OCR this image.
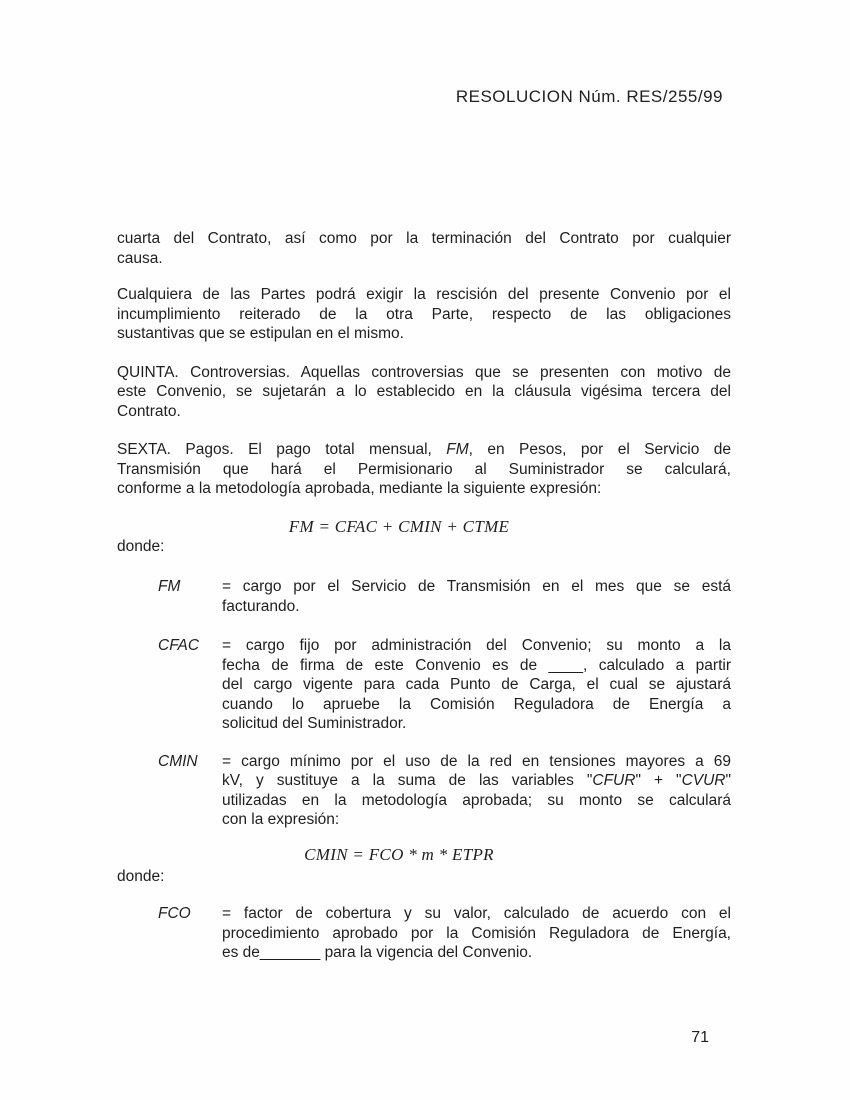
RESOLUCION Núm. RES/255/99
cuarta del Contrato, así como por la terminación del Contrato por cualquier
causa.
Cualquiera de las Partes podrá exigir la rescisión del presente Convenio por el
incumplimiento reiterado de la otra Parte, respecto de las obligaciones
sustantivas que se estipulan en el mismo.
QUINTA. Controversias. Aquellas controversias que se presenten con motivo de
este Convenio, se sujetarán a lo establecido en la cláusula vigésima tercera del
Contrato.
SEXTA. Pagos. El pago total mensual, FM, en Pesos, por el Servicio de
Transmisión que hará el Permisionario al Suministrador se calculará,
conforme a la metodología aprobada, mediante la siguiente expresión:
FM = CFAC + CMIN + CTME
donde:
FM	= cargo por el Servicio de Transmisión en el mes que se está
facturando.
CFAC	= cargo fijo por administración del Convenio; su monto a la
fecha de firma de este Convenio es de ____, calculado a partir
del cargo vigente para cada Punto de Carga, el cual se ajustará
cuando lo apruebe la Comisión Reguladora de Energía a
solicitud del Suministrador.
CMIN	= cargo mínimo por el uso de la red en tensiones mayores a 69
kV, y sustituye a la suma de las variables "CFUR" + "CVUR"
utilizadas en la metodología aprobada; su monto se calculará
con la expresión:
CMIN = FCO * m * ETPR
donde:
FCO	= factor de cobertura y su valor, calculado de acuerdo con el
procedimiento aprobado por la Comisión Reguladora de Energía,
es de_______ para la vigencia del Convenio.
71
